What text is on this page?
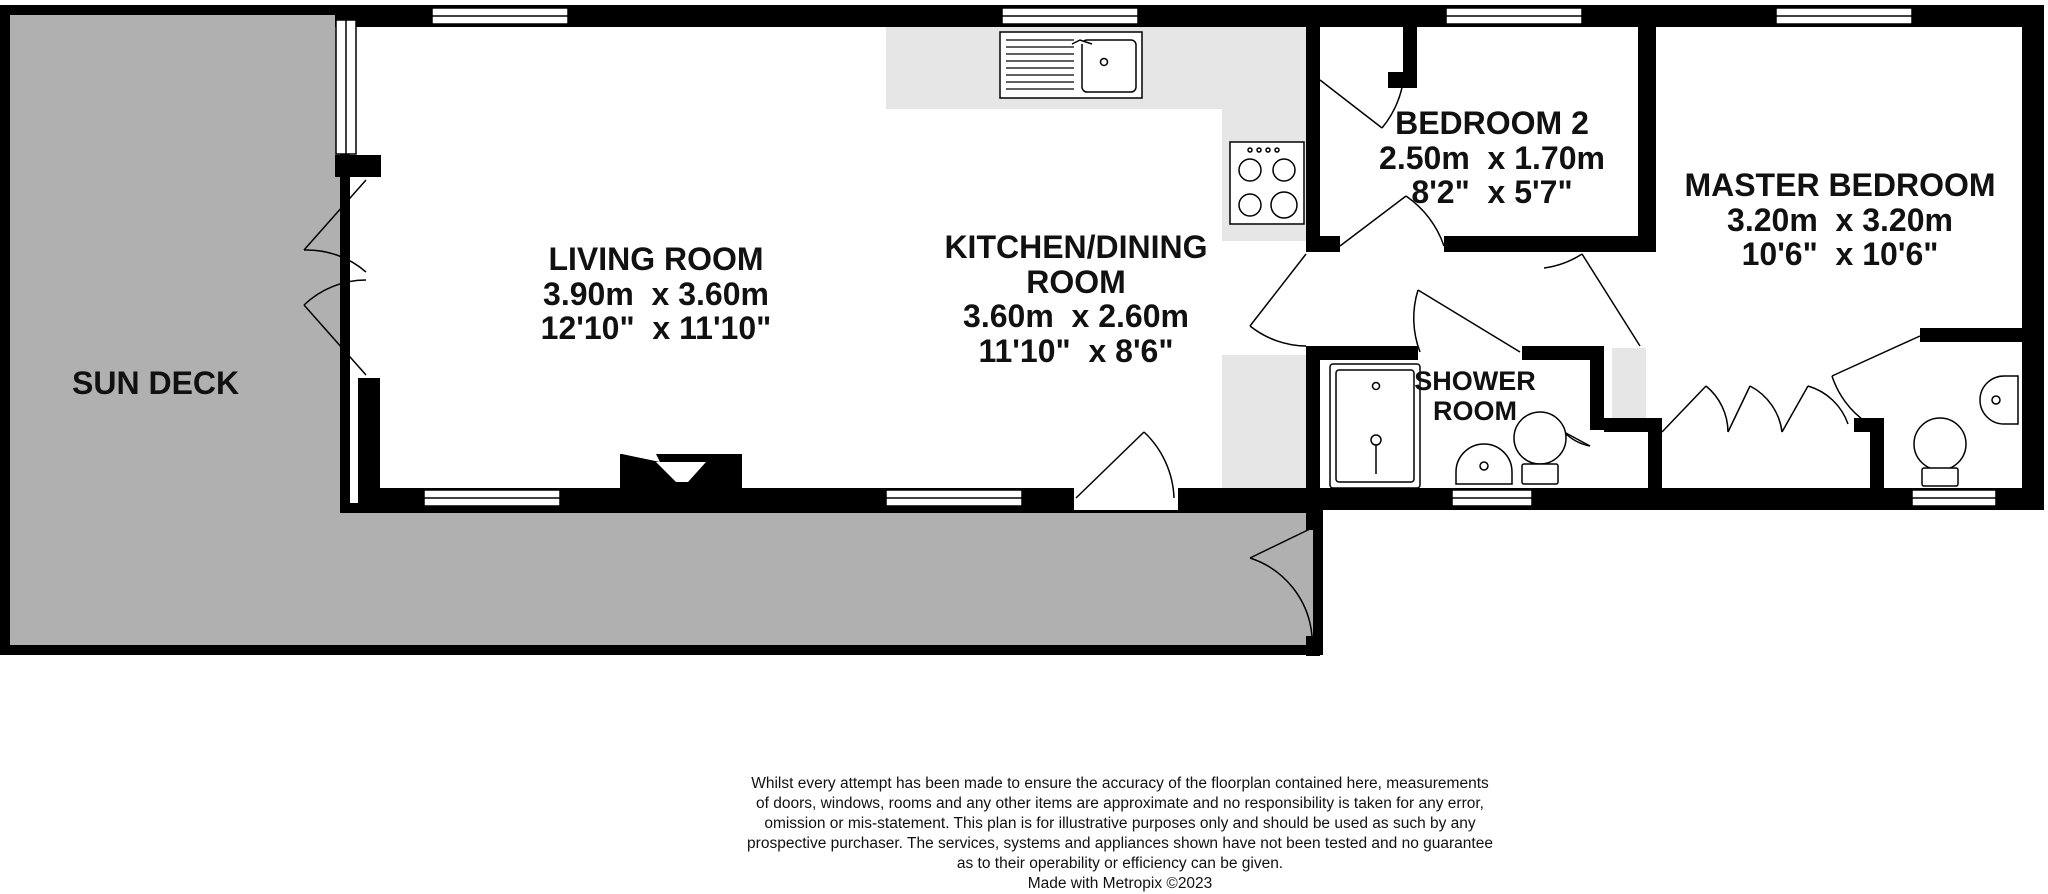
SUN DECK
LIVING ROOM
3.90m  x 3.60m
12'10"  x 11'10"
KITCHEN/DINING
ROOM
3.60m  x 2.60m
11'10"  x 8'6"
BEDROOM 2
2.50m  x 1.70m
8'2"  x 5'7"	MASTER BEDROOM
3.20m  x 3.20m
10'6"  x 10'6"
SHOWER
ROOM
Whilst every attempt has been made to ensure the accuracy of the floorplan contained here, measurements
of doors, windows, rooms and any other items are approximate and no responsibility is taken for any error,
omission or mis-statement. This plan is for illustrative purposes only and should be used as such by any
prospective purchaser. The services, systems and appliances shown have not been tested and no guarantee
as to their operability or efficiency can be given.
Made with Metropix ©2023
